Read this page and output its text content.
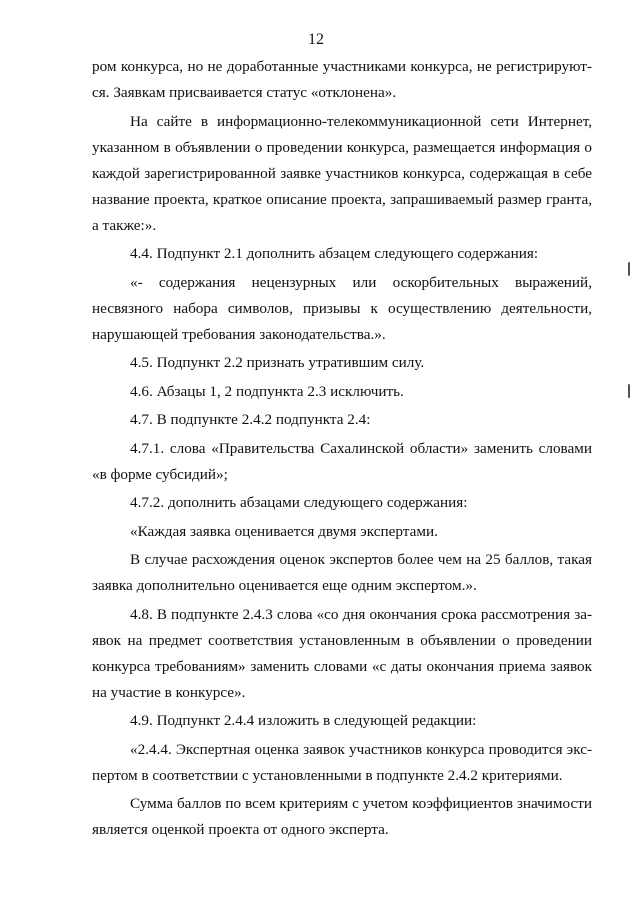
12

ром конкурса, но не доработанные участниками конкурса, не регистрируются. Заявкам присваивается статус «отклонена».

На сайте в информационно-телекоммуникационной сети Интернет, указанном в объявлении о проведении конкурса, размещается информация о каждой зарегистрированной заявке участников конкурса, содержащая в себе название проекта, краткое описание проекта, запрашиваемый размер гранта, а также:».

4.4. Подпункт 2.1 дополнить абзацем следующего содержания:

«- содержания нецензурных или оскорбительных выражений, несвязного набора символов, призывы к осуществлению деятельности, нарушающей требования законодательства.».

4.5. Подпункт 2.2 признать утратившим силу.

4.6. Абзацы 1, 2 подпункта 2.3 исключить.

4.7. В подпункте 2.4.2 подпункта 2.4:

4.7.1. слова «Правительства Сахалинской области» заменить словами «в форме субсидий»;

4.7.2. дополнить абзацами следующего содержания:

«Каждая заявка оценивается двумя экспертами.

В случае расхождения оценок экспертов более чем на 25 баллов, такая заявка дополнительно оценивается еще одним экспертом.».

4.8. В подпункте 2.4.3 слова «со дня окончания срока рассмотрения заявок на предмет соответствия установленным в объявлении о проведении конкурса требованиям» заменить словами «с даты окончания приема заявок на участие в конкурсе».

4.9. Подпункт 2.4.4 изложить в следующей редакции:

«2.4.4. Экспертная оценка заявок участников конкурса проводится экспертом в соответствии с установленными в подпункте 2.4.2 критериями.

Сумма баллов по всем критериям с учетом коэффициентов значимости является оценкой проекта от одного эксперта.
